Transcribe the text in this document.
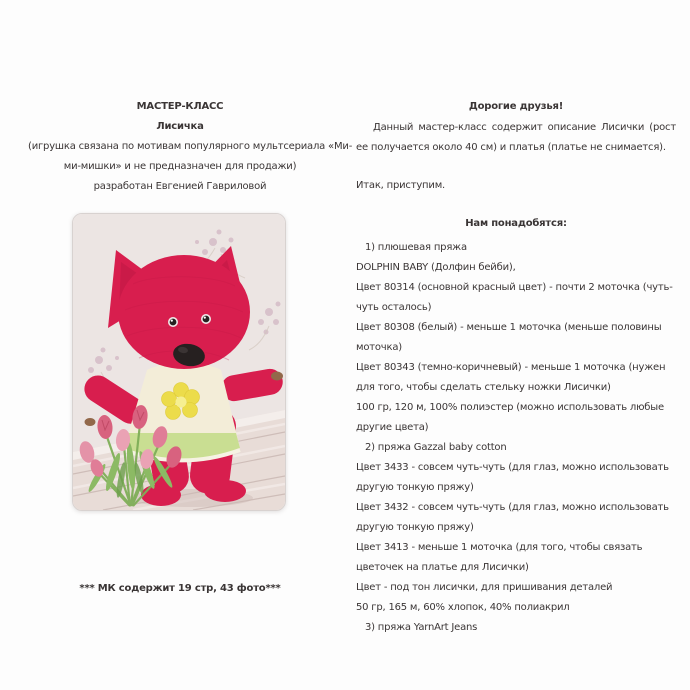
МАСТЕР-КЛАСС
Лисичка
(игрушка связана по мотивам популярного мультсериала «Ми-
ми-мишки» и не предназначен для продажи)
разработан Евгенией Гавриловой
*** МК содержит 19 стр, 43 фото***
Дорогие друзья!
Данный мастер-класс содержит описание Лисички (рост ее получается около 40 см) и платья (платье не снимается).
Итак, приступим.
Нам понадобятся:
1) плюшевая пряжа
DOLPHIN BABY (Долфин бейби),
Цвет 80314 (основной красный цвет) - почти 2 моточка (чуть-чуть осталось)
Цвет 80308 (белый) - меньше 1 моточка (меньше половины моточка)
Цвет 80343 (темно-коричневый) - меньше 1 моточка (нужен для того, чтобы сделать стельку ножки Лисички)
100 гр, 120 м, 100% полиэстер (можно использовать любые другие цвета)
2) пряжа Gazzal baby cotton
Цвет 3433 - совсем чуть-чуть (для глаз, можно использовать другую тонкую пряжу)
Цвет 3432 - совсем чуть-чуть (для глаз, можно использовать другую тонкую пряжу)
Цвет 3413 - меньше 1 моточка (для того, чтобы связать цветочек на платье для Лисички)
Цвет - под тон лисички, для пришивания деталей
50 гр, 165 м, 60% хлопок, 40% полиакрил
3) пряжа YarnArt Jeans
